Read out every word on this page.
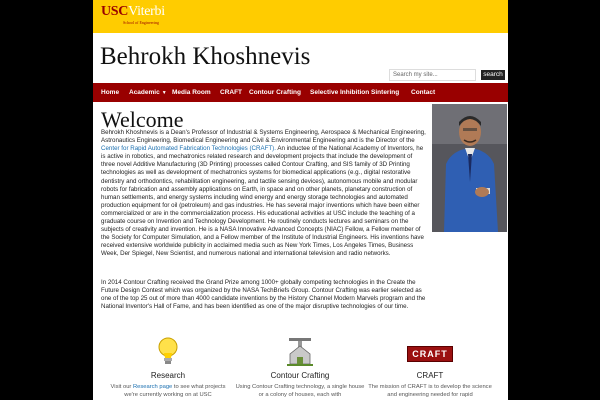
USCViterbi
School of Engineering
Behrokh Khoshnevis
Search my site...	search
Home Academic ▼ Media Room CRAFT Contour Crafting Selective Inhibition Sintering Contact
Welcome
Behrokh Khoshnevis is a Dean's Professor of Industrial & Systems Engineering, Aerospace & Mechanical Engineering, Astronautics Engineering, Biomedical Engineering and Civil & Environmental Engineering and is the Director of the Center for Rapid Automated Fabrication Technologies (CRAFT). An inductee of the National Academy of Inventors, he is active in robotics, and mechatronics related research and development projects that include the development of three novel Additive Manufacturing (3D Printing) processes called Contour Crafting, and SIS family of 3D Printing technologies as well as development of mechatronics systems for biomedical applications (e.g., digital restorative dentistry and orthodontics, rehabilitation engineering, and tactile sensing devices), autonomous mobile and modular robots for fabrication and assembly applications on Earth, in space and on other planets, planetary construction of human settlements, and energy systems including wind energy and energy storage technologies and automated production equipment for oil (petroleum) and gas industries. He has several major inventions which have been either commercialized or are in the commercialization process. His educational activities at USC include the teaching of a graduate course on Invention and Technology Development. He routinely conducts lectures and seminars on the subjects of creativity and invention. He is a NASA Innovative Advanced Concepts (NIAC) Fellow, a Fellow member of the Society for Computer Simulation, and a Fellow member of the Institute of Industrial Engineers. His inventions have received extensive worldwide publicity in acclaimed media such as New York Times, Los Angeles Times, Business Week, Der Spiegel, New Scientist, and numerous national and international television and radio networks.
In 2014 Contour Crafting received the Grand Prize among 1000+ globally competing technologies in the Create the Future Design Contest which was organized by the NASA TechBriefs Group. Contour Crafting was earlier selected as one of the top 25 out of more than 4000 candidate inventions by the History Channel Modern Marvels program and the National Inventor's Hall of Fame, and has been identified as one of the major disruptive technologies of our time.
Research
Visit our Research page to see what projects we're currently working on at USC
Contour Crafting
Using Contour Crafting technology, a single house or a colony of houses, each with
CRAFT
CRAFT
The mission of CRAFT is to develop the science and engineering needed for rapid
